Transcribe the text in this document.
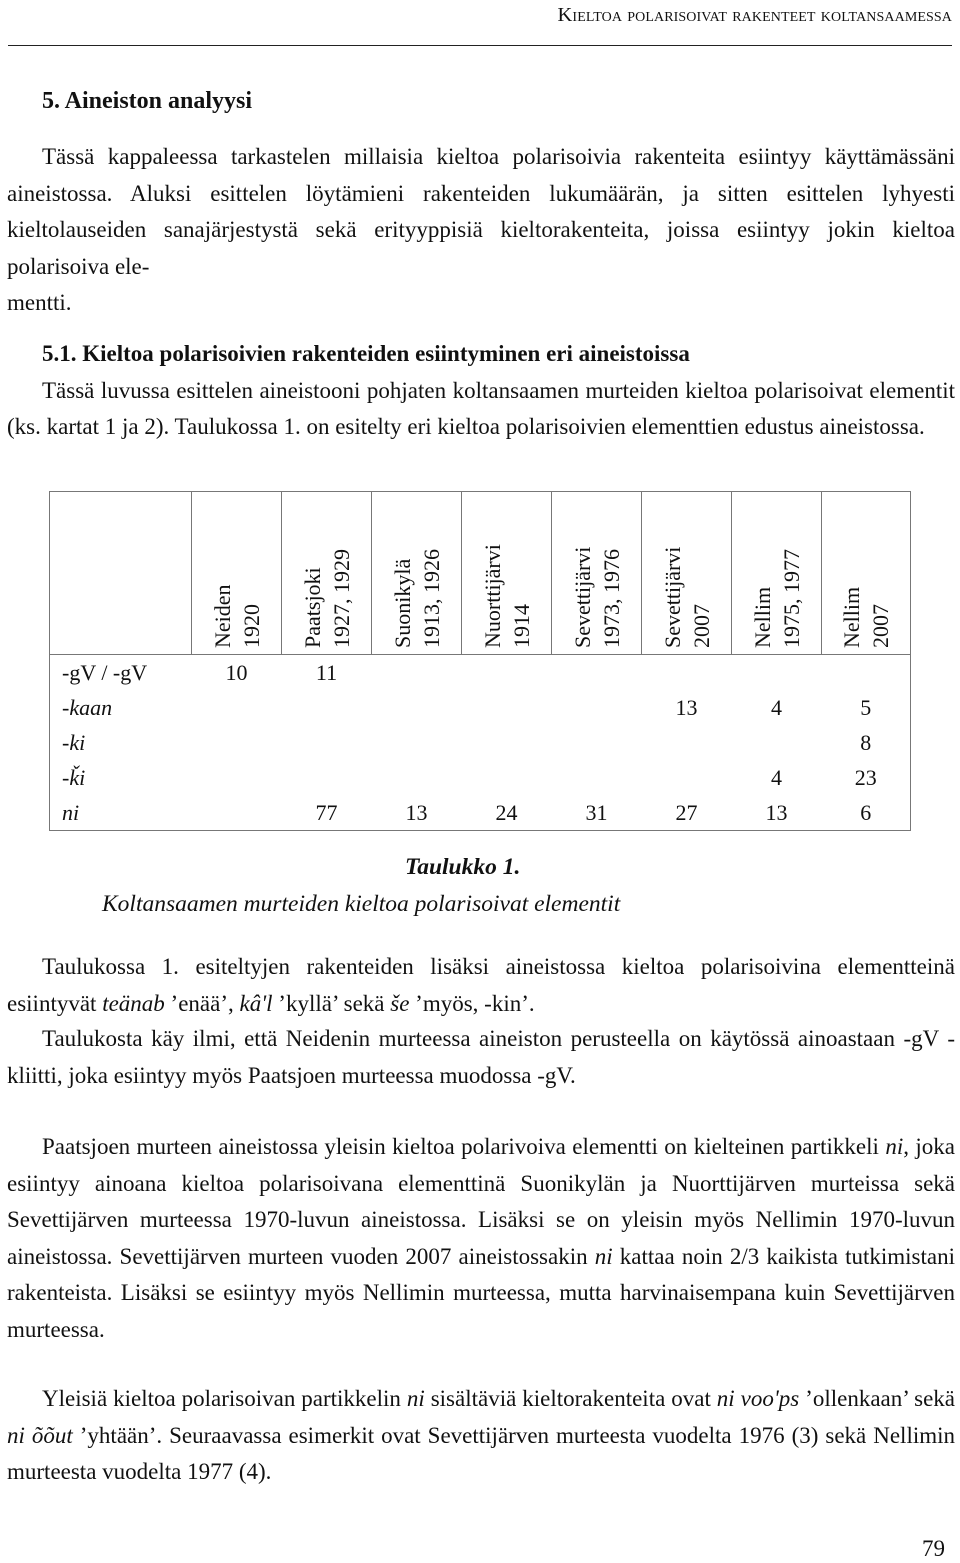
Kieltoa polarisoivat rakenteet koltansaamessa
5. Aineiston analyysi

Tässä kappaleessa tarkastelen millaisia kieltoa polarisoivia rakenteita esiintyy käyttämässäni aineistossa. Aluksi esittelen löytämieni rakenteiden lukumäärän, ja sitten esittelen lyhyesti kieltolauseiden sanajärjestystä sekä erityyppisiä kieltorakenteita, joissa esiintyy jokin kieltoa polarisoiva ele-
mentti.

5.1. Kieltoa polarisoivien rakenteiden esiintyminen eri aineistoissa
Tässä luvussa esittelen aineistooni pohjaten koltansaamen murteiden kieltoa polarisoivat elementit (ks. kartat 1 ja 2). Taulukossa 1. on esitelty eri kieltoa polarisoivien elementtien edustus aineistossa.

	Neiden 1920	Paatsjoki 1927, 1929	Suonikylä 1913, 1926	Nuorttijärvi 1914	Sevettijärvi 1973, 1976	Sevettijärvi 2007	Nellim 1975, 1977	Nellim 2007

-gV / -gV	10	11						
-kaan						13	4	5
-ki								8
-ǩi							4	23
ni		77	13	24	31	27	13	6
Taulukko 1.
Koltansaamen murteiden kieltoa polarisoivat elementit

Taulukossa 1. esiteltyjen rakenteiden lisäksi aineistossa kieltoa polarisoivina elementteinä esiintyvät teänab ’enää’, kâ'l ’kyllä’ sekä še ’myös, -kin’.

Taulukosta käy ilmi, että Neidenin murteessa aineiston perusteella on käytössä ainoastaan -gV -kliitti, joka esiintyy myös Paatsjoen murteessa muodossa -gV.

Paatsjoen murteen aineistossa yleisin kieltoa polarivoiva elementti on kielteinen partikkeli ni, joka esiintyy ainoana kieltoa polarisoivana elementtinä Suonikylän ja Nuorttijärven murteissa sekä Sevettijärven murteessa 1970-luvun aineistossa. Lisäksi se on yleisin myös Nellimin 1970-luvun aineistossa. Sevettijärven murteen vuoden 2007 aineistossakin ni kattaa noin 2/3 kaikista tutkimistani rakenteista. Lisäksi se esiintyy myös Nellimin murteessa, mutta harvinaisempana kuin Sevettijärven murteessa.

Yleisiä kieltoa polarisoivan partikkelin ni sisältäviä kieltorakenteita ovat ni voo'ps ’ollenkaan’ sekä ni õõut ’yhtään’. Seuraavassa esimerkit ovat Sevettijärven murteesta vuodelta 1976 (3) sekä Nellimin murteesta vuodelta 1977 (4).

79
